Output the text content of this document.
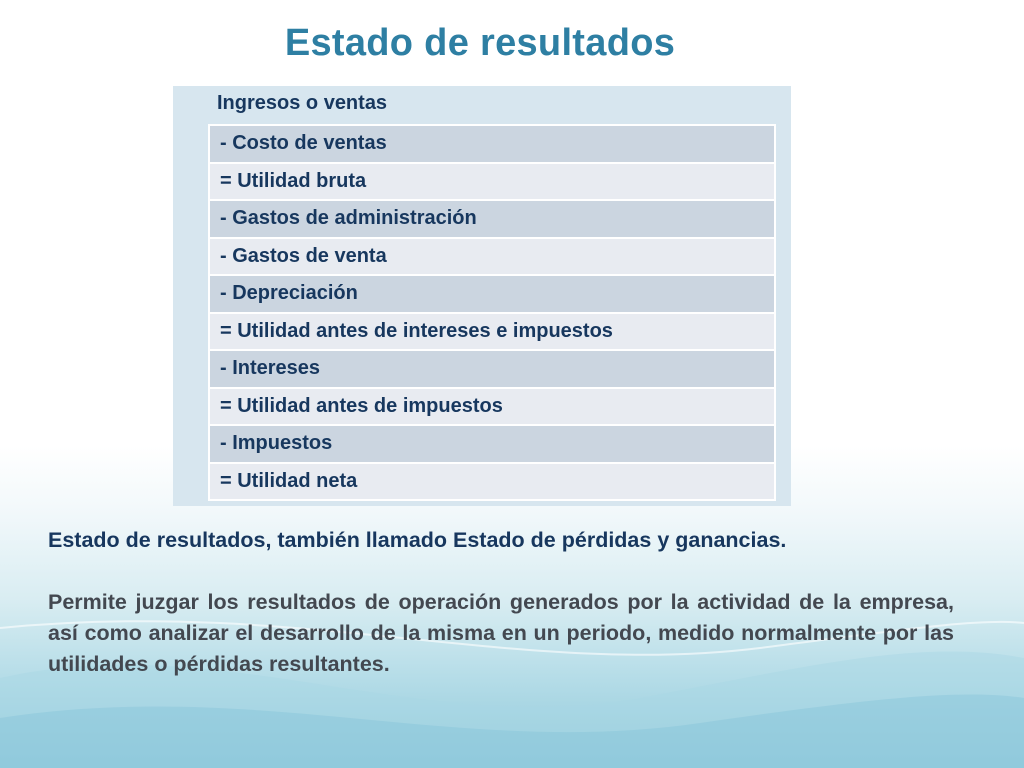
Estado de resultados
Ingresos o ventas
- Costo de ventas
= Utilidad bruta
- Gastos de administración
- Gastos de venta
- Depreciación
= Utilidad antes de intereses e impuestos
- Intereses
= Utilidad antes de impuestos
- Impuestos
= Utilidad neta
Estado de resultados, también llamado Estado de pérdidas y ganancias.
Permite juzgar los resultados de operación generados por la actividad de la empresa, así como analizar el desarrollo de la misma en un periodo, medido normalmente por las utilidades o pérdidas resultantes.
